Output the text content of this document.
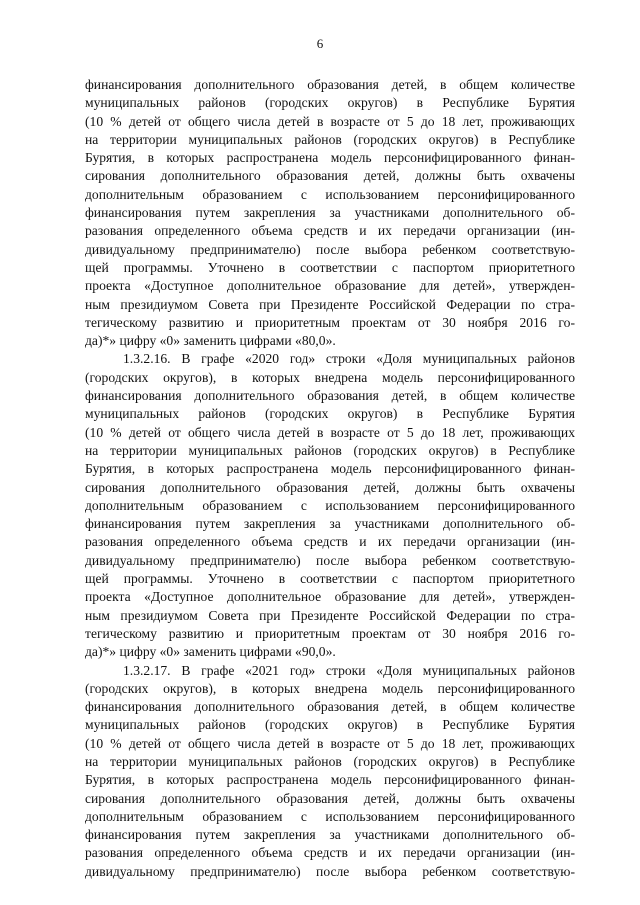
6
финансирования дополнительного образования детей, в общем количестве
муниципальных районов (городских округов) в Республике Бурятия
(10 % детей от общего числа детей в возрасте от 5 до 18 лет, проживающих
на территории муниципальных районов (городских округов) в Республике
Бурятия, в которых распространена модель персонифицированного финан-
сирования дополнительного образования детей, должны быть охвачены
дополнительным образованием с использованием персонифицированного
финансирования путем закрепления за участниками дополнительного об-
разования определенного объема средств и их передачи организации (ин-
дивидуальному предпринимателю) после выбора ребенком соответствую-
щей программы. Уточнено в соответствии с паспортом приоритетного
проекта «Доступное дополнительное образование для детей», утвержден-
ным президиумом Совета при Президенте Российской Федерации по стра-
тегическому развитию и приоритетным проектам от 30 ноября 2016 го-
да)*» цифру «0» заменить цифрами «80,0».
1.3.2.16. В графе «2020 год» строки «Доля муниципальных районов
(городских округов), в которых внедрена модель персонифицированного
финансирования дополнительного образования детей, в общем количестве
муниципальных районов (городских округов) в Республике Бурятия
(10 % детей от общего числа детей в возрасте от 5 до 18 лет, проживающих
на территории муниципальных районов (городских округов) в Республике
Бурятия, в которых распространена модель персонифицированного финан-
сирования дополнительного образования детей, должны быть охвачены
дополнительным образованием с использованием персонифицированного
финансирования путем закрепления за участниками дополнительного об-
разования определенного объема средств и их передачи организации (ин-
дивидуальному предпринимателю) после выбора ребенком соответствую-
щей программы. Уточнено в соответствии с паспортом приоритетного
проекта «Доступное дополнительное образование для детей», утвержден-
ным президиумом Совета при Президенте Российской Федерации по стра-
тегическому развитию и приоритетным проектам от 30 ноября 2016 го-
да)*» цифру «0» заменить цифрами «90,0».
1.3.2.17. В графе «2021 год» строки «Доля муниципальных районов
(городских округов), в которых внедрена модель персонифицированного
финансирования дополнительного образования детей, в общем количестве
муниципальных районов (городских округов) в Республике Бурятия
(10 % детей от общего числа детей в возрасте от 5 до 18 лет, проживающих
на территории муниципальных районов (городских округов) в Республике
Бурятия, в которых распространена модель персонифицированного финан-
сирования дополнительного образования детей, должны быть охвачены
дополнительным образованием с использованием персонифицированного
финансирования путем закрепления за участниками дополнительного об-
разования определенного объема средств и их передачи организации (ин-
дивидуальному предпринимателю) после выбора ребенком соответствую-
